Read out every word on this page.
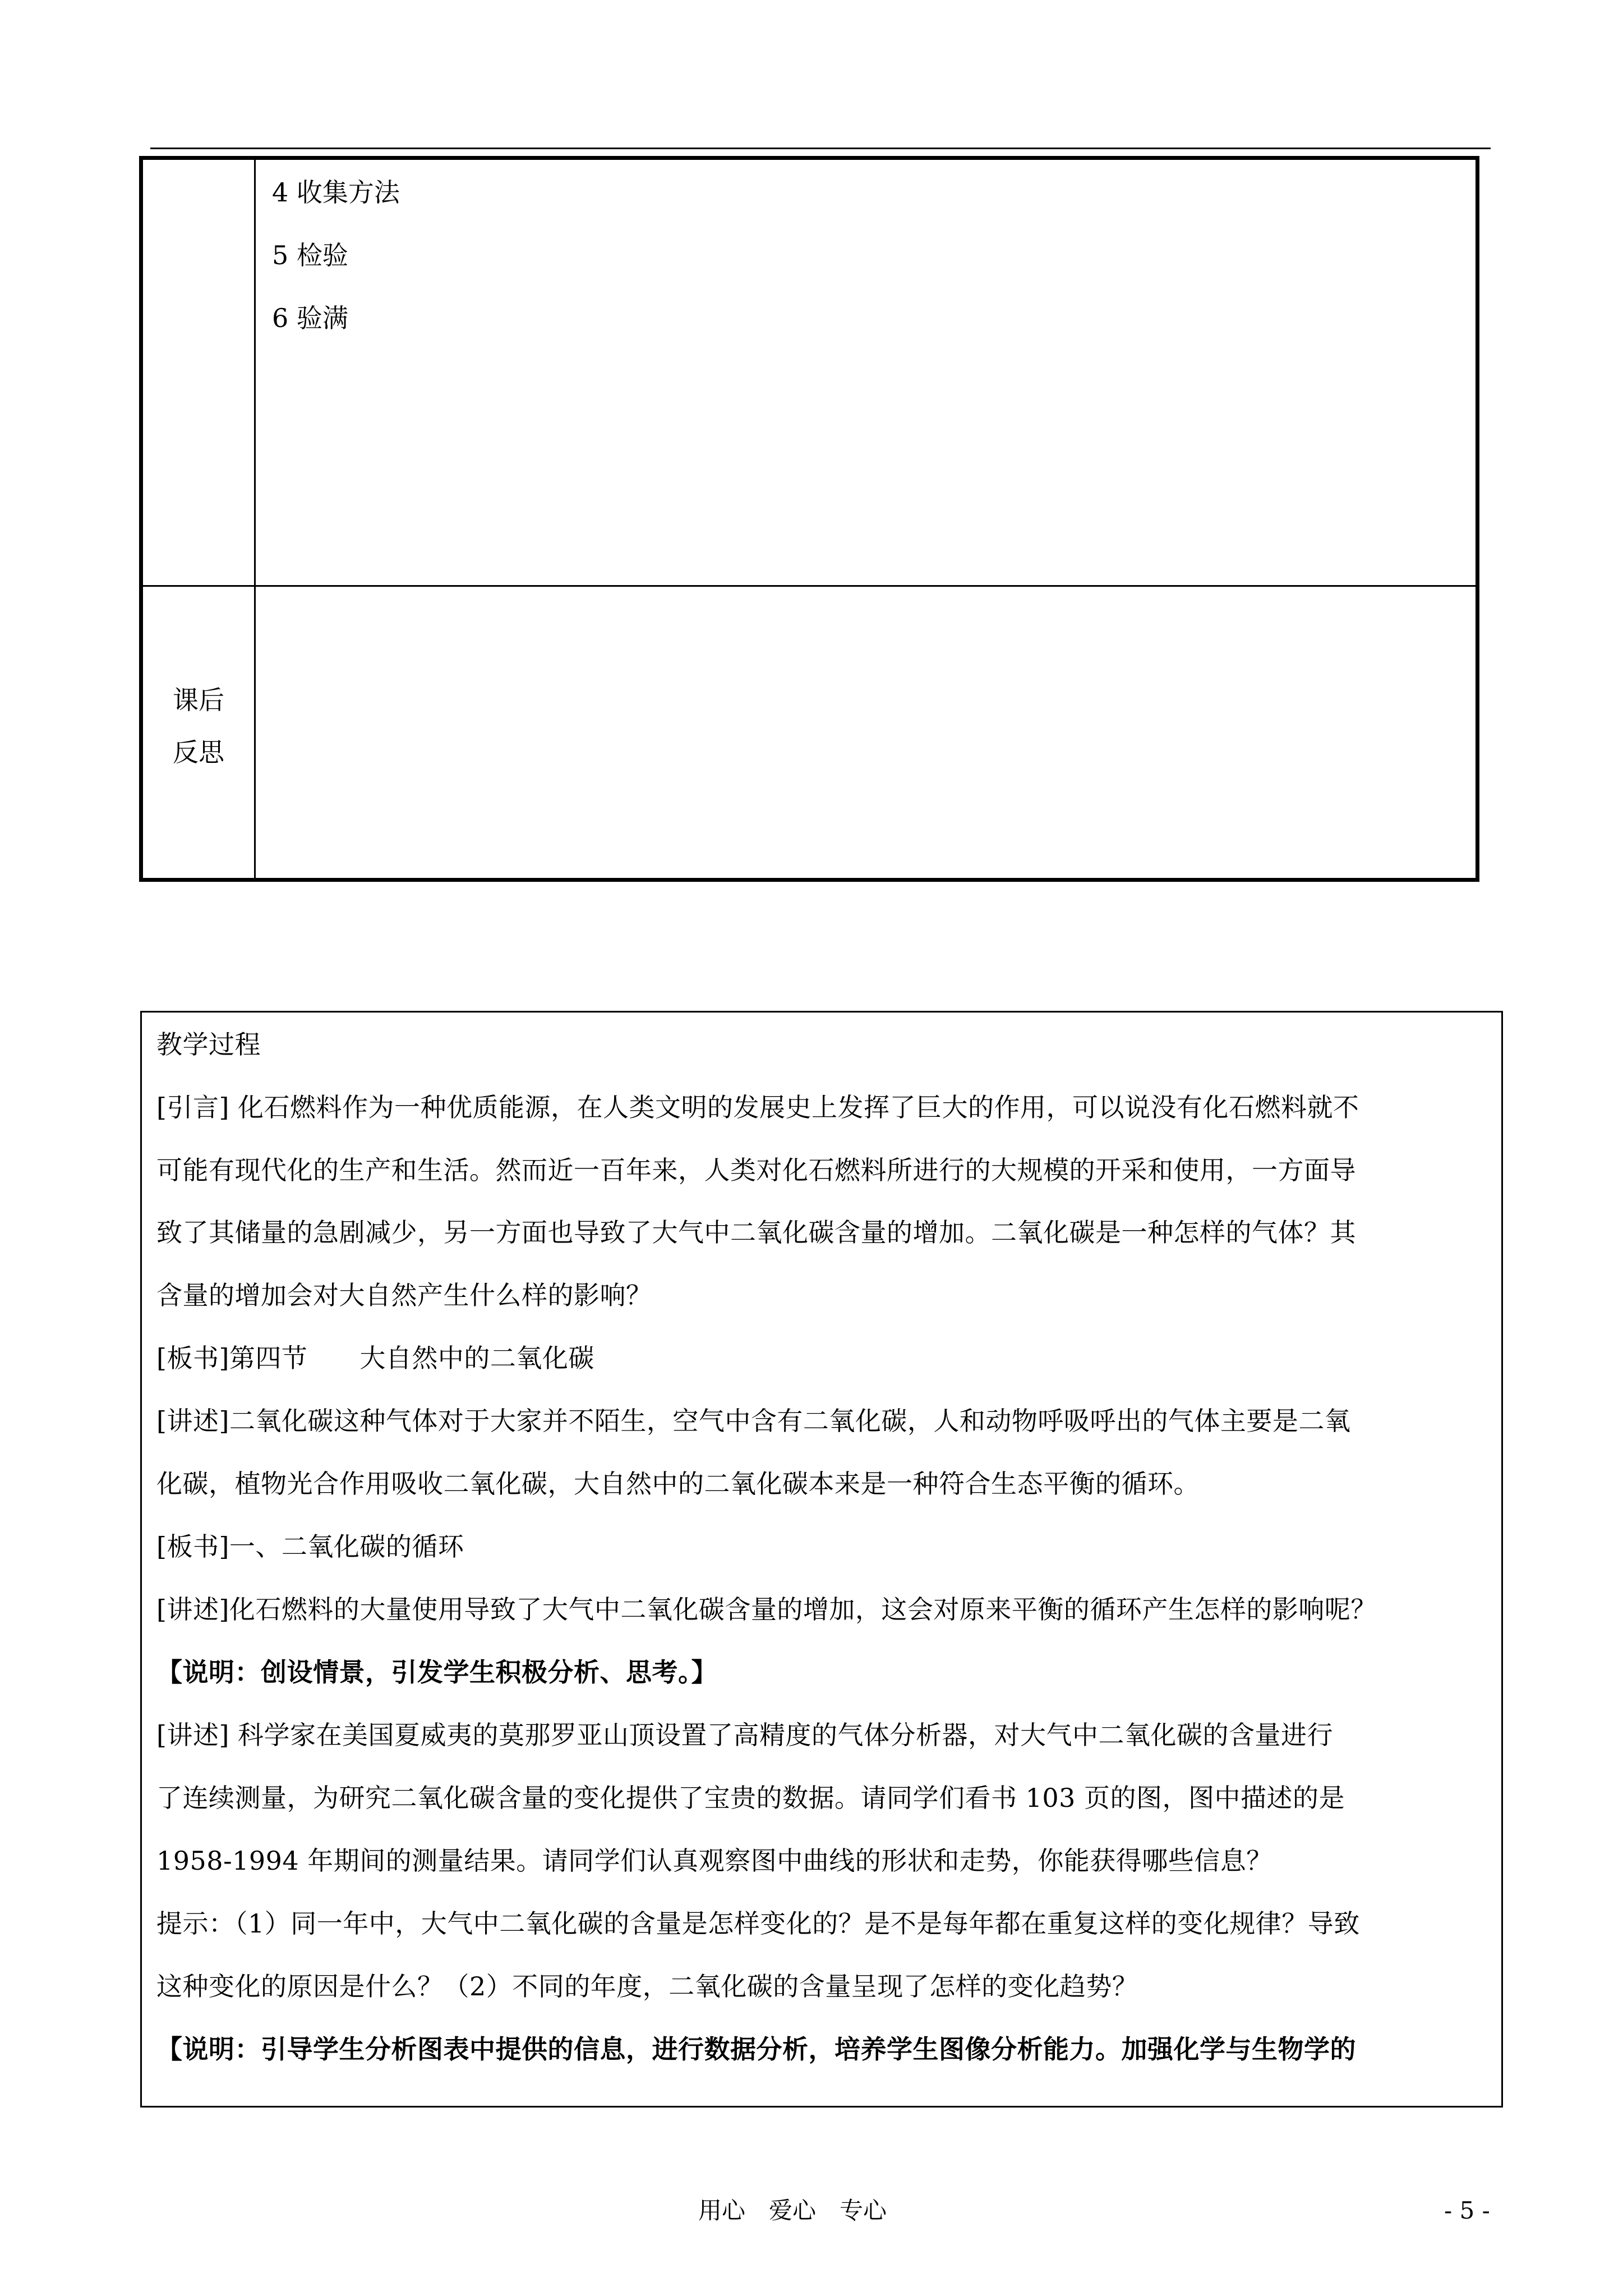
4 收集方法
5 检验
6 验满
课后
反思
教学过程
[引言] 化石燃料作为一种优质能源，在人类文明的发展史上发挥了巨大的作用，可以说没有化石燃料就不
可能有现代化的生产和生活。然而近一百年来，人类对化石燃料所进行的大规模的开采和使用，一方面导
致了其储量的急剧减少，另一方面也导致了大气中二氧化碳含量的增加。二氧化碳是一种怎样的气体？其
含量的增加会对大自然产生什么样的影响？
[板书]第四节　　大自然中的二氧化碳
[讲述]二氧化碳这种气体对于大家并不陌生，空气中含有二氧化碳，人和动物呼吸呼出的气体主要是二氧
化碳，植物光合作用吸收二氧化碳，大自然中的二氧化碳本来是一种符合生态平衡的循环。
[板书]一、二氧化碳的循环
[讲述]化石燃料的大量使用导致了大气中二氧化碳含量的增加，这会对原来平衡的循环产生怎样的影响呢？
【说明：创设情景，引发学生积极分析、思考。】
[讲述] 科学家在美国夏威夷的莫那罗亚山顶设置了高精度的气体分析器，对大气中二氧化碳的含量进行
了连续测量，为研究二氧化碳含量的变化提供了宝贵的数据。请同学们看书 103 页的图，图中描述的是
1958-1994 年期间的测量结果。请同学们认真观察图中曲线的形状和走势，你能获得哪些信息？
提示：（1）同一年中，大气中二氧化碳的含量是怎样变化的？是不是每年都在重复这样的变化规律？导致
这种变化的原因是什么？（2）不同的年度，二氧化碳的含量呈现了怎样的变化趋势？
【说明：引导学生分析图表中提供的信息，进行数据分析，培养学生图像分析能力。加强化学与生物学的
用心　爱心　专心	- 5 -
